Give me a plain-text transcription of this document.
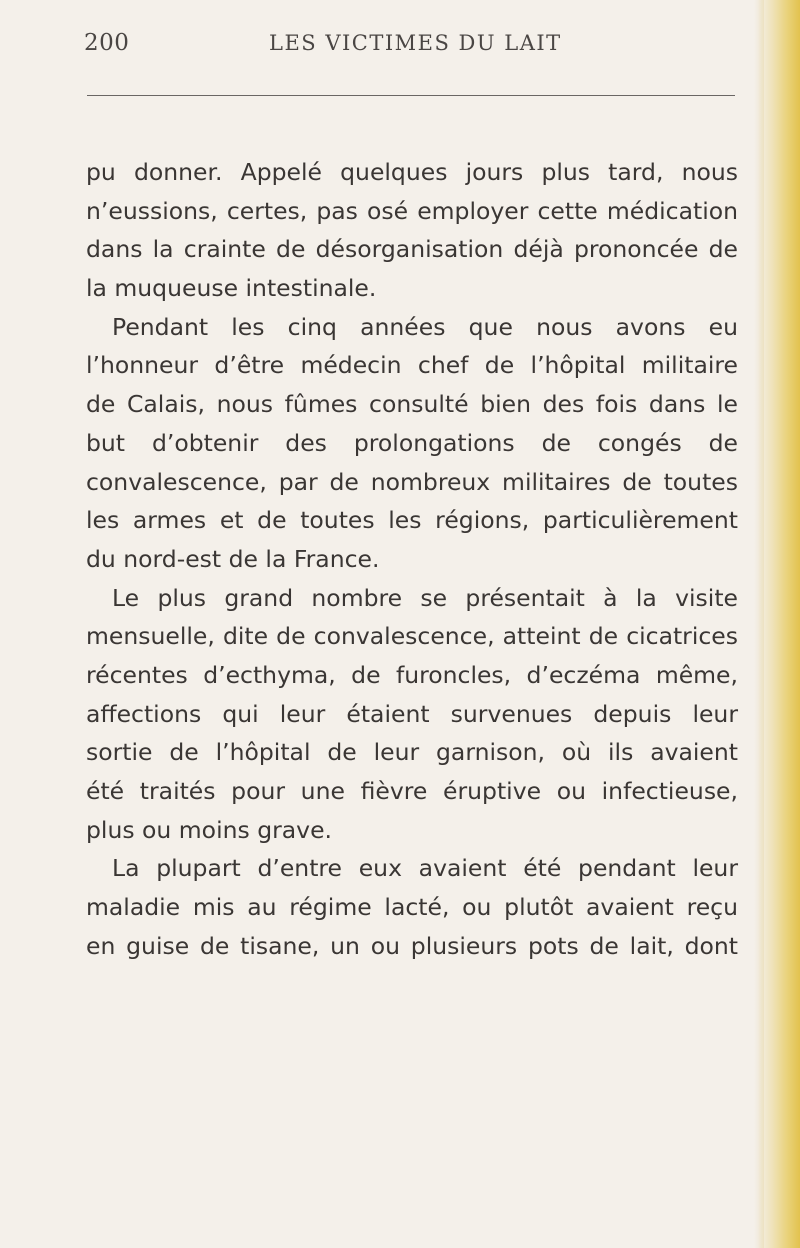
200	LES VICTIMES DU LAIT
pu donner. Appelé quelques jours plus tard, nous
n’eussions, certes, pas osé employer cette médication
dans la crainte de désorganisation déjà prononcée de
la muqueuse intestinale.
Pendant les cinq années que nous avons eu
l’honneur d’être médecin chef de l’hôpital militaire
de Calais, nous fûmes consulté bien des fois dans le
but d’obtenir des prolongations de congés de
convalescence, par de nombreux militaires de toutes
les armes et de toutes les régions, particulièrement
du nord-est de la France.
Le plus grand nombre se présentait à la visite
mensuelle, dite de convalescence, atteint de cicatrices
récentes d’ecthyma, de furoncles, d’eczéma même,
affections qui leur étaient survenues depuis leur
sortie de l’hôpital de leur garnison, où ils avaient
été traités pour une fièvre éruptive ou infectieuse,
plus ou moins grave.
La plupart d’entre eux avaient été pendant leur
maladie mis au régime lacté, ou plutôt avaient reçu
en guise de tisane, un ou plusieurs pots de lait, dont
